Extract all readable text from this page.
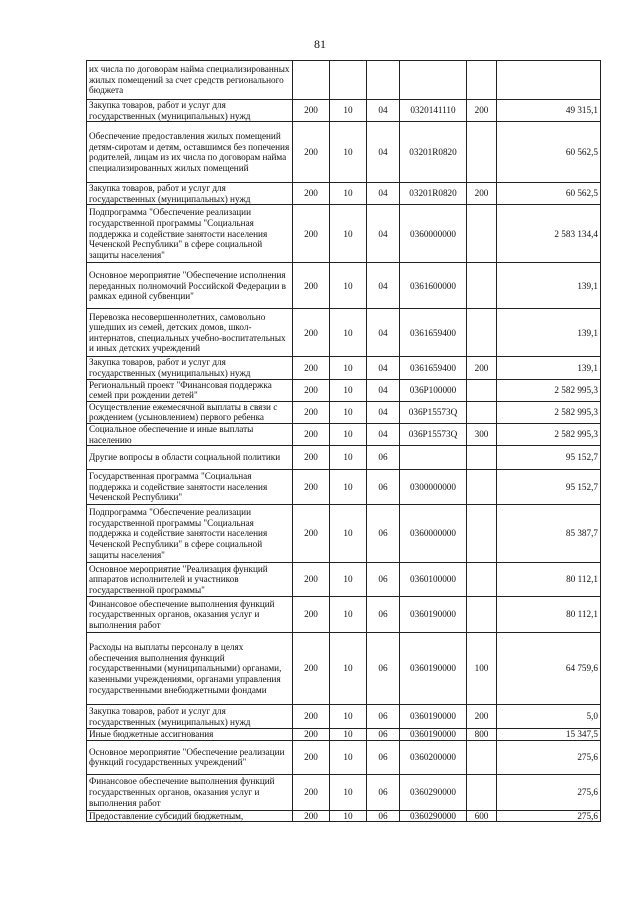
81
их числа по договорам найма специализированных жилых помещений за счет средств регионального бюджета						
Закупка товаров, работ и услуг для государственных (муниципальных) нужд	200	10	04	0320141110	200	49 315,1
Обеспечение предоставления жилых помещений детям-сиротам и детям, оставшимся без попечения родителей, лицам из их числа по договорам найма специализированных жилых помещений	200	10	04	03201R0820		60 562,5
Закупка товаров, работ и услуг для государственных (муниципальных) нужд	200	10	04	03201R0820	200	60 562,5
Подпрограмма "Обеспечение реализации государственной программы "Социальная поддержка и содействие занятости населения Чеченской Республики" в сфере социальной защиты населения"	200	10	04	0360000000		2 583 134,4
Основное мероприятие "Обеспечение исполнения переданных полномочий Российской Федерации в рамках единой субвенции"	200	10	04	0361600000		139,1
Перевозка несовершеннолетних, самовольно ушедших из семей, детских домов, школ-интернатов, специальных учебно-воспитательных и иных детских учреждений	200	10	04	0361659400		139,1
Закупка товаров, работ и услуг для государственных (муниципальных) нужд	200	10	04	0361659400	200	139,1
Региональный проект "Финансовая поддержка семей при рождении детей"	200	10	04	036P100000		2 582 995,3
Осуществление ежемесячной выплаты в связи с рождением (усыновлением) первого ребенка	200	10	04	036P15573Q		2 582 995,3
Социальное обеспечение и иные выплаты населению	200	10	04	036P15573Q	300	2 582 995,3
Другие вопросы в области социальной политики	200	10	06			95 152,7
Государственная программа "Социальная поддержка и содействие занятости населения Чеченской Республики"	200	10	06	0300000000		95 152,7
Подпрограмма "Обеспечение реализации государственной программы "Социальная поддержка и содействие занятости населения Чеченской Республики" в сфере социальной защиты населения"	200	10	06	0360000000		85 387,7
Основное мероприятие "Реализация функций аппаратов исполнителей и участников государственной программы"	200	10	06	0360100000		80 112,1
Финансовое обеспечение выполнения функций государственных органов, оказания услуг и выполнения работ	200	10	06	0360190000		80 112,1
Расходы на выплаты персоналу в целях обеспечения выполнения функций государственными (муниципальными) органами, казенными учреждениями, органами управления государственными внебюджетными фондами	200	10	06	0360190000	100	64 759,6
Закупка товаров, работ и услуг для государственных (муниципальных) нужд	200	10	06	0360190000	200	5,0
Иные бюджетные ассигнования	200	10	06	0360190000	800	15 347,5
Основное мероприятие "Обеспечение реализации функций государственных учреждений"	200	10	06	0360200000		275,6
Финансовое обеспечение выполнения функций государственных органов, оказания услуг и выполнения работ	200	10	06	0360290000		275,6
Предоставление субсидий бюджетным,	200	10	06	0360290000	600	275,6
